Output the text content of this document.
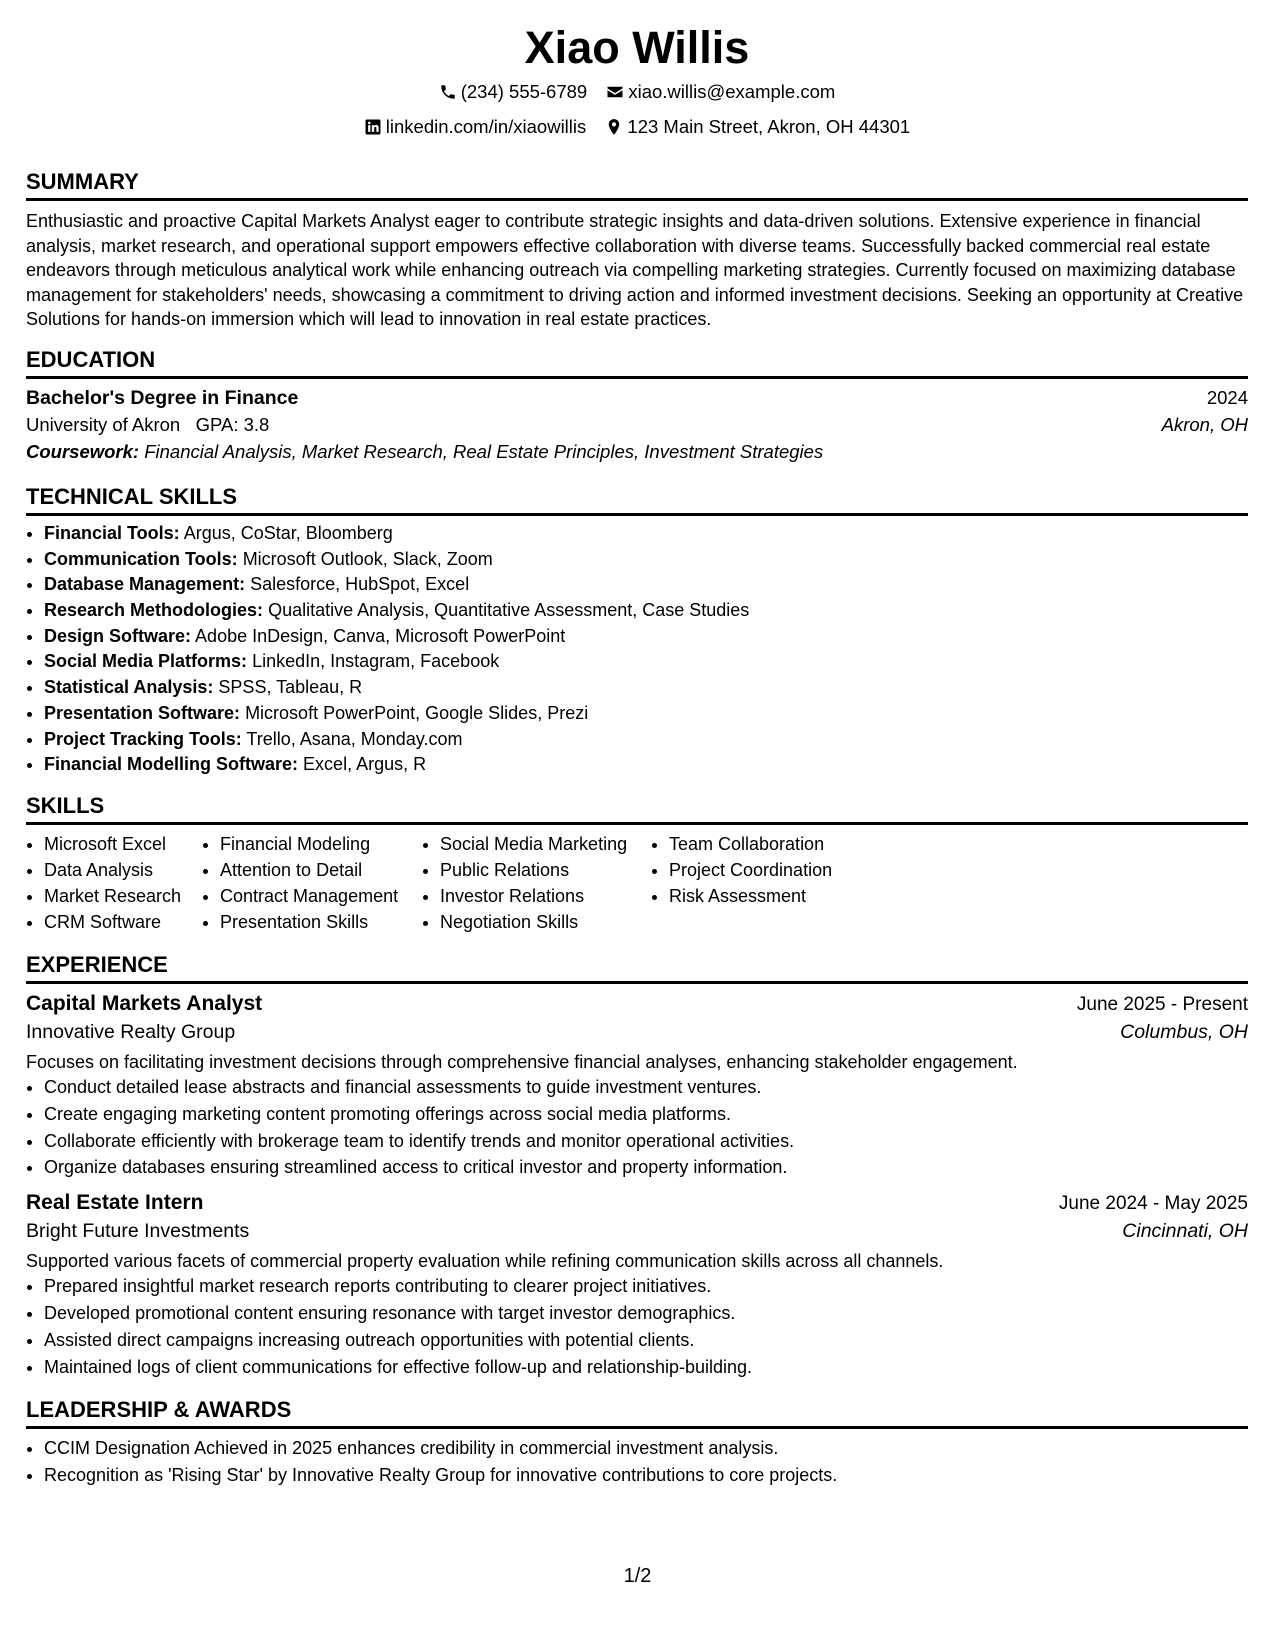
Xiao Willis
(234) 555-6789
xiao.willis@example.com
linkedin.com/in/xiaowillis
123 Main Street, Akron, OH 44301
SUMMARY
Enthusiastic and proactive Capital Markets Analyst eager to contribute strategic insights and data-driven solutions. Extensive experience in financial analysis, market research, and operational support empowers effective collaboration with diverse teams. Successfully backed commercial real estate endeavors through meticulous analytical work while enhancing outreach via compelling marketing strategies. Currently focused on maximizing database management for stakeholders' needs, showcasing a commitment to driving action and informed investment decisions. Seeking an opportunity at Creative Solutions for hands-on immersion which will lead to innovation in real estate practices.
EDUCATION
Bachelor's Degree in Finance	2024
University of Akron GPA: 3.8	Akron, OH
Coursework: Financial Analysis, Market Research, Real Estate Principles, Investment Strategies
TECHNICAL SKILLS
• Financial Tools: Argus, CoStar, Bloomberg
• Communication Tools: Microsoft Outlook, Slack, Zoom
• Database Management: Salesforce, HubSpot, Excel
• Research Methodologies: Qualitative Analysis, Quantitative Assessment, Case Studies
• Design Software: Adobe InDesign, Canva, Microsoft PowerPoint
• Social Media Platforms: LinkedIn, Instagram, Facebook
• Statistical Analysis: SPSS, Tableau, R
• Presentation Software: Microsoft PowerPoint, Google Slides, Prezi
• Project Tracking Tools: Trello, Asana, Monday.com
• Financial Modelling Software: Excel, Argus, R
SKILLS
• Microsoft Excel
• Data Analysis
• Market Research
• CRM Software
• Financial Modeling
• Attention to Detail
• Contract Management
• Presentation Skills
• Social Media Marketing
• Public Relations
• Investor Relations
• Negotiation Skills
• Team Collaboration
• Project Coordination
• Risk Assessment
EXPERIENCE
Capital Markets Analyst	June 2025 - Present
Innovative Realty Group	Columbus, OH
Focuses on facilitating investment decisions through comprehensive financial analyses, enhancing stakeholder engagement.
• Conduct detailed lease abstracts and financial assessments to guide investment ventures.
• Create engaging marketing content promoting offerings across social media platforms.
• Collaborate efficiently with brokerage team to identify trends and monitor operational activities.
• Organize databases ensuring streamlined access to critical investor and property information.
Real Estate Intern	June 2024 - May 2025
Bright Future Investments	Cincinnati, OH
Supported various facets of commercial property evaluation while refining communication skills across all channels.
• Prepared insightful market research reports contributing to clearer project initiatives.
• Developed promotional content ensuring resonance with target investor demographics.
• Assisted direct campaigns increasing outreach opportunities with potential clients.
• Maintained logs of client communications for effective follow-up and relationship-building.
LEADERSHIP & AWARDS
• CCIM Designation Achieved in 2025 enhances credibility in commercial investment analysis.
• Recognition as 'Rising Star' by Innovative Realty Group for innovative contributions to core projects.
1/2
